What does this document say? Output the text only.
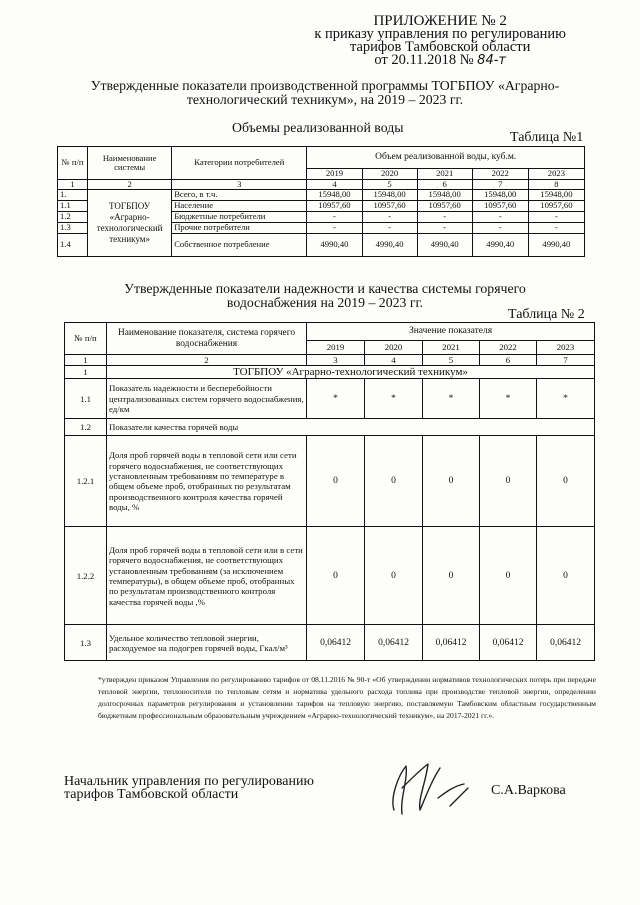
ПРИЛОЖЕНИЕ № 2
к приказу управления по регулированию
тарифов Тамбовской области
от 20.11.2018 № 84-т
Утвержденные показатели производственной программы ТОГБПОУ «Аграрно-
технологический техникум», на 2019 – 2023 гг.
Объемы реализованной воды
Таблица №1
№ п/п	Наименование системы	Категории потребителей	Объем реализованной воды, куб.м.				
			2019	2020	2021	2022	2023
1	2	3	4	5	6	7	8
1.	ТОГБПОУ «Аграрно-технологический техникум»	Всего, в т.ч.	15948,00	15948,00	15948,00	15948,00	15948,00
1.1		Население	10957,60	10957,60	10957,60	10957,60	10957,60
1.2		Бюджетные потребители	-	-	-	-	-
1.3		Прочие потребители	-	-	-	-	-
1.4		Собственное потребление	4990,40	4990,40	4990,40	4990,40	4990,40
Утвержденные показатели надежности и качества системы горячего
водоснабжения на 2019 – 2023 гг.
Таблица № 2
№ п/п	Наименование показателя, система горячего водоснабжения	Значение показателя				
		2019	2020	2021	2022	2023
1	2	3	4	5	6	7
1	ТОГБПОУ «Аграрно-технологический техникум»					
1.1	Показатель надежности и бесперебойности централизованных систем горячего водоснабжения, ед/км	*	*	*	*	*
1.2	Показатели качества горячей воды					
1.2.1	Доля проб горячей воды в тепловой сети или сети горячего водоснабжения, не соответствующих установленным требованиям по температуре в общем объеме проб, отобранных по результатам производственного контроля качества горячей воды, %	0	0	0	0	0
1.2.2	Доля проб горячей воды в тепловой сети или в сети горячего водоснабжения, не соответствующих установленным требованиям (за исключением температуры), в общем объеме проб, отобранных по результатам производственного контроля качества горячей воды ,%	0	0	0	0	0
1.3	Удельное количество тепловой энергии, расходуемое на подогрев горячей воды, Гкал/м³	0,06412	0,06412	0,06412	0,06412	0,06412
*утвержден приказом Управления по регулированию тарифов от 08.11.2016 № 90-т «Об утверждении нормативов технологических потерь при передаче тепловой энергии, теплоносителя по тепловым сетям и норматива удельного расхода топлива при производстве тепловой энергии, определении долгосрочных параметров регулирования и установлении тарифов на тепловую энергию, поставляемую Тамбовским областным государственным бюджетным профессиональным образовательным учреждением «Аграрно-технологический техникум», на 2017-2021 гг.».
Начальник управления по регулированию
тарифов Тамбовской области	С.А.Варкова
